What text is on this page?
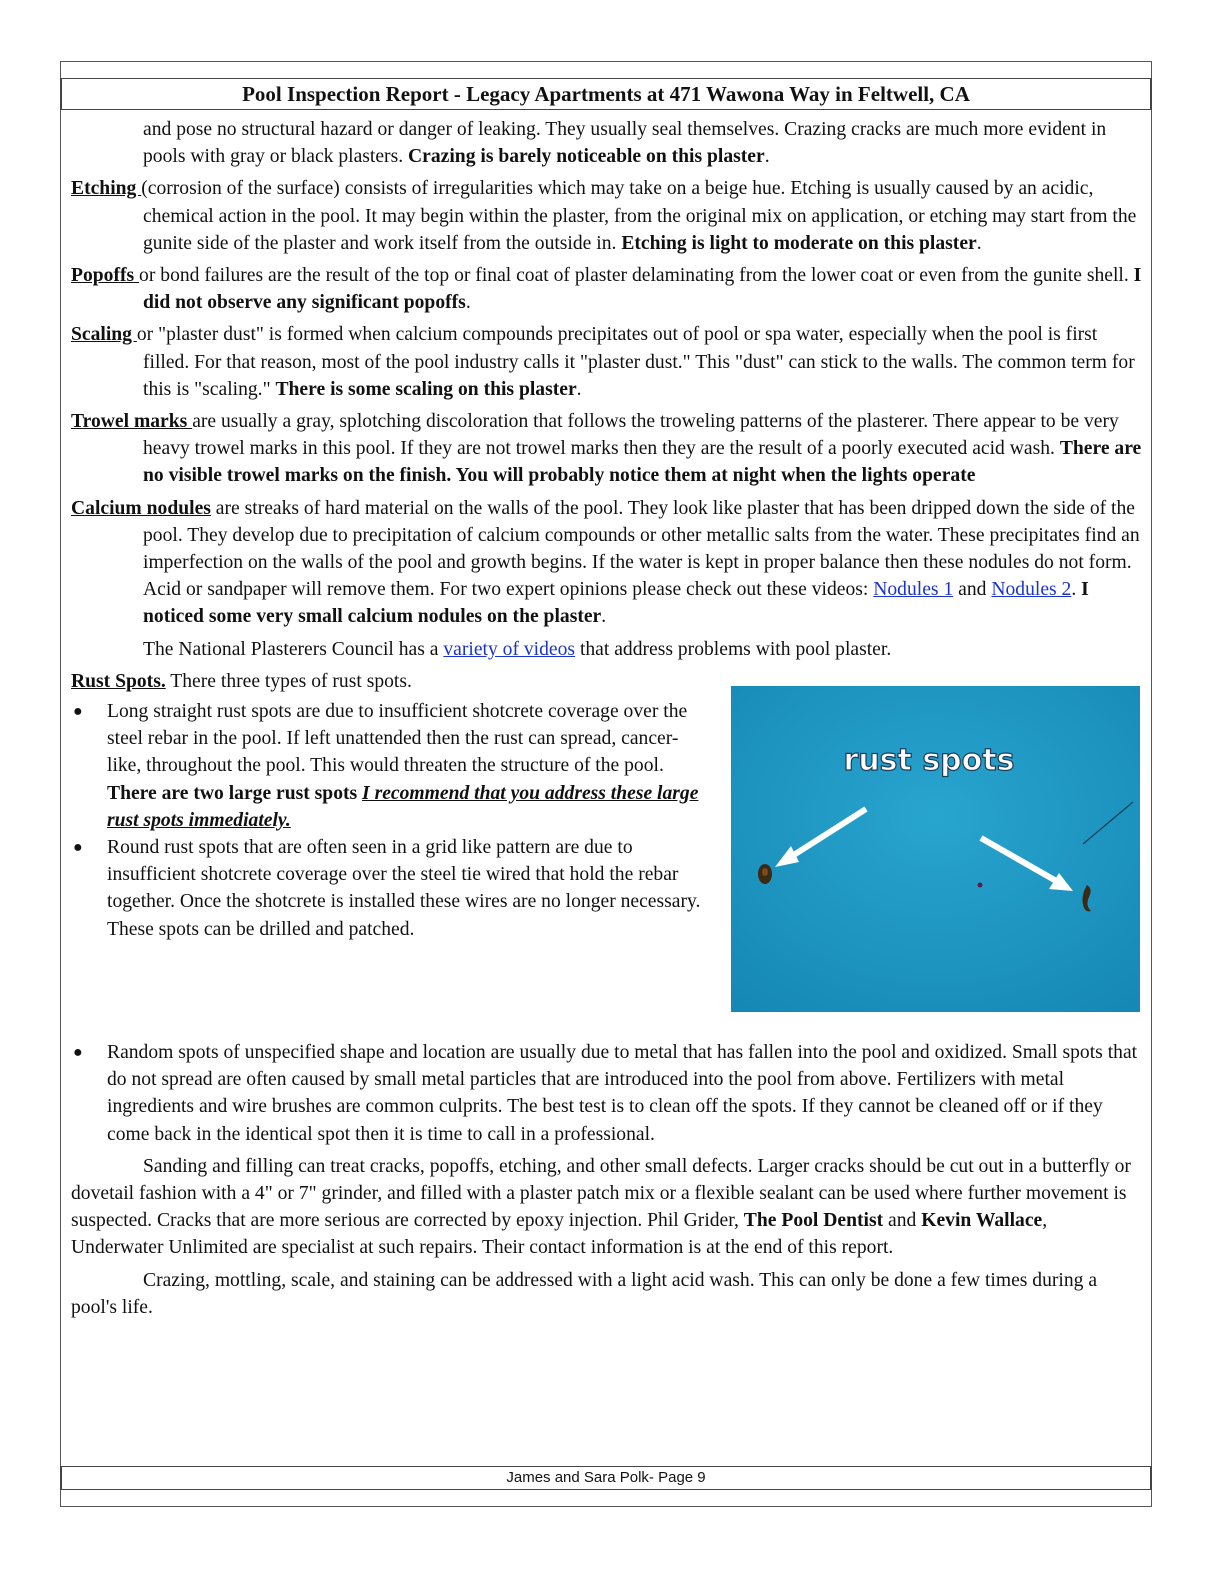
Pool Inspection Report - Legacy Apartments at 471 Wawona Way in Feltwell, CA

and pose no structural hazard or danger of leaking. They usually seal themselves. Crazing cracks are much more evident in pools with gray or black plasters. Crazing is barely noticeable on this plaster.

Etching (corrosion of the surface) consists of irregularities which may take on a beige hue. Etching is usually caused by an acidic, chemical action in the pool. It may begin within the plaster, from the original mix on application, or etching may start from the gunite side of the plaster and work itself from the outside in. Etching is light to moderate on this plaster.

Popoffs or bond failures are the result of the top or final coat of plaster delaminating from the lower coat or even from the gunite shell. I did not observe any significant popoffs.

Scaling or "plaster dust" is formed when calcium compounds precipitates out of pool or spa water, especially when the pool is first filled. For that reason, most of the pool industry calls it "plaster dust." This "dust" can stick to the walls. The common term for this is "scaling." There is some scaling on this plaster.

Trowel marks are usually a gray, splotching discoloration that follows the troweling patterns of the plasterer. There appear to be very heavy trowel marks in this pool. If they are not trowel marks then they are the result of a poorly executed acid wash. There are no visible trowel marks on the finish. You will probably notice them at night when the lights operate

Calcium nodules are streaks of hard material on the walls of the pool. They look like plaster that has been dripped down the side of the pool. They develop due to precipitation of calcium compounds or other metallic salts from the water. These precipitates find an imperfection on the walls of the pool and growth begins. If the water is kept in proper balance then these nodules do not form. Acid or sandpaper will remove them. For two expert opinions please check out these videos: Nodules 1 and Nodules 2. I noticed some very small calcium nodules on the plaster.

The National Plasterers Council has a variety of videos that address problems with pool plaster.

Rust Spots. There three types of rust spots.

rust spots
● Long straight rust spots are due to insufficient shotcrete coverage over the steel rebar in the pool. If left unattended then the rust can spread, cancer-like, throughout the pool. This would threaten the structure of the pool. There are two large rust spots I recommend that you address these large rust spots immediately.
● Round rust spots that are often seen in a grid like pattern are due to insufficient shotcrete coverage over the steel tie wired that hold the rebar together. Once the shotcrete is installed these wires are no longer necessary. These spots can be drilled and patched.
● Random spots of unspecified shape and location are usually due to metal that has fallen into the pool and oxidized. Small spots that do not spread are often caused by small metal particles that are introduced into the pool from above. Fertilizers with metal ingredients and wire brushes are common culprits. The best test is to clean off the spots. If they cannot be cleaned off or if they come back in the identical spot then it is time to call in a professional.

Sanding and filling can treat cracks, popoffs, etching, and other small defects. Larger cracks should be cut out in a butterfly or dovetail fashion with a 4" or 7" grinder, and filled with a plaster patch mix or a flexible sealant can be used where further movement is suspected. Cracks that are more serious are corrected by epoxy injection. Phil Grider, The Pool Dentist and Kevin Wallace, Underwater Unlimited are specialist at such repairs. Their contact information is at the end of this report.

Crazing, mottling, scale, and staining can be addressed with a light acid wash. This can only be done a few times during a pool's life.

James and Sara Polk- Page 9
